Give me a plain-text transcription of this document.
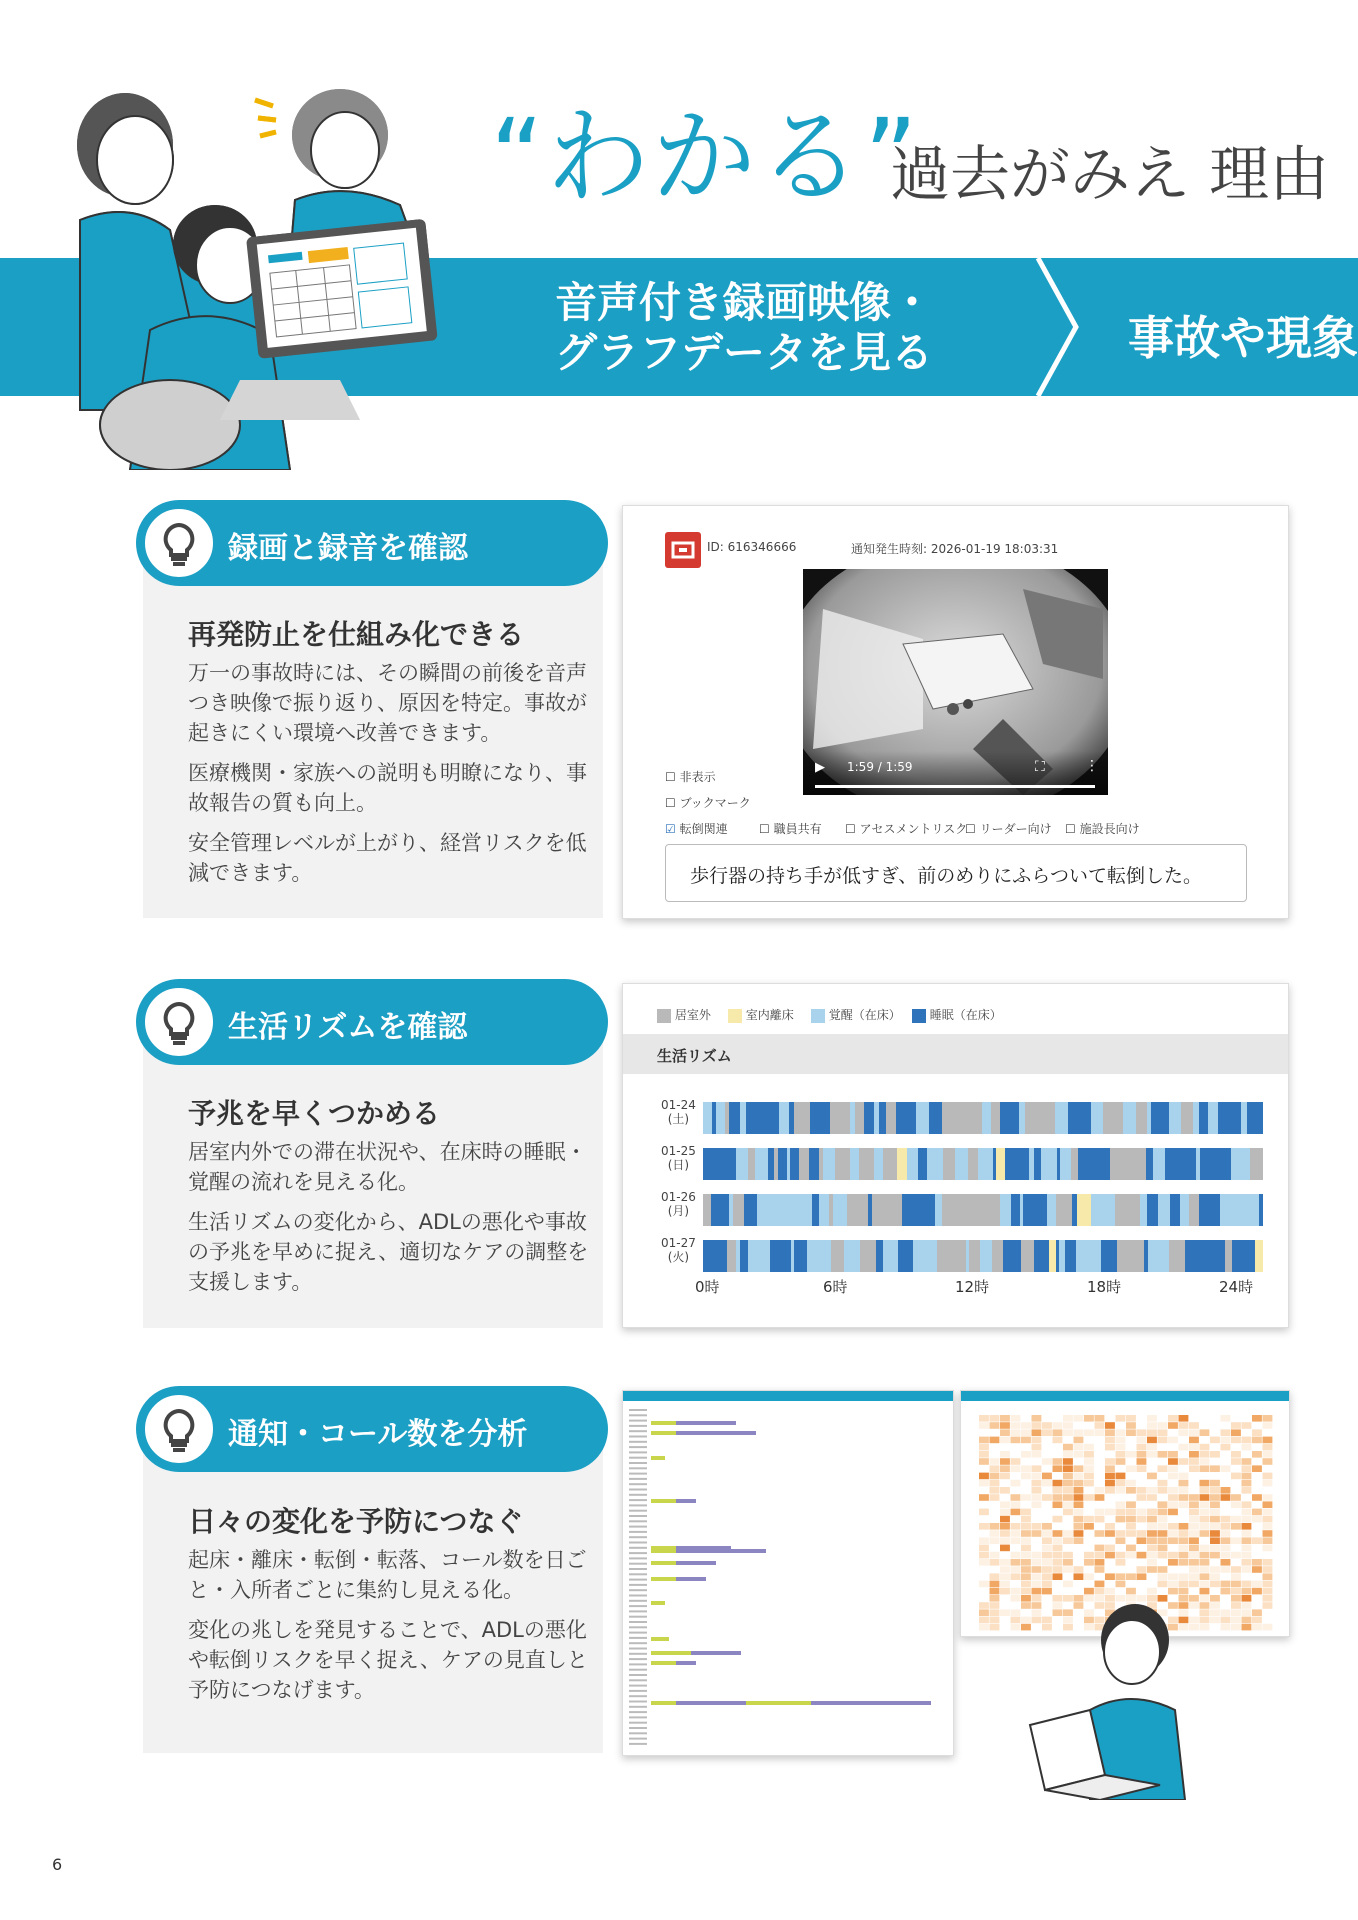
“わかる”
過去がみえ 理由
音声付き録画映像・
グラフデータを見る	事故や現象
録画と録音を確認
再発防止を仕組み化できる

万一の事故時には、その瞬間の前後を音声つき映像で振り返り、原因を特定。事故が起きにくい環境へ改善できます。

医療機関・家族への説明も明瞭になり、事故報告の質も向上。

安全管理レベルが上がり、経営リスクを低減できます。

ID: 616346666	通知発生時刻: 2026-01-19 18:03:31
▶ 1:59 / 1:59	⛶	⋮
☐ 非表示
☐ ブックマーク
☑ 転倒関連	☐ 職員共有 ☐ アセスメントリスク
☐ リーダー向け ☐ 施設長向け
歩行器の持ち手が低すぎ、前のめりにふらついて転倒した。
生活リズムを確認
予兆を早くつかめる

居室内外での滞在状況や、在床時の睡眠・覚醒の流れを見える化。

生活リズムの変化から、ADLの悪化や事故の予兆を早めに捉え、適切なケアの調整を支援します。

居室外　	室内離床　	覚醒（在床）　	睡眠（在床）
生活リズム
01-24
(土)
01-25
(日)
01-26
(月)
01-27
(火)
0時	6時	12時	18時	24時
通知・コール数を分析
日々の変化を予防につなぐ

起床・離床・転倒・転落、コール数を日ごと・入所者ごとに集約し見える化。

変化の兆しを発見することで、ADLの悪化や転倒リスクを早く捉え、ケアの見直しと予防につなげます。

6
